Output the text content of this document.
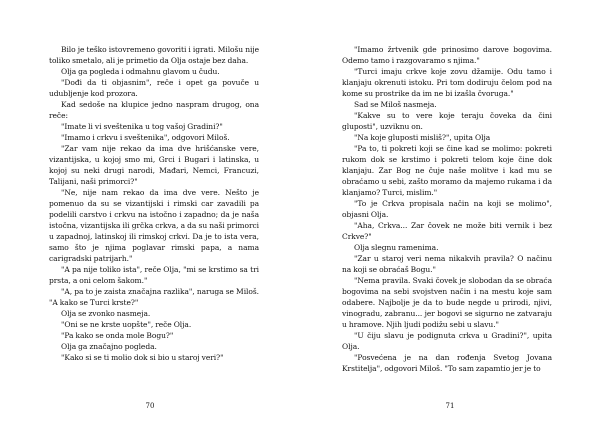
Bilo je teško istovremeno govoriti i igrati. Milošu nije toliko smetalo, ali je primetio da Olja ostaje bez daha.

Olja ga pogleda i odmahnu glavom u čudu.

"Dođi da ti objasnim", reče i opet ga povuče u udubljenje kod prozora.

Kad sedoše na klupice jedno naspram drugog, ona reče:

"Imate li vi sveštenika u tog vašoj Gradini?"

"Imamo i crkvu i sveštenika", odgovori Miloš.

"Zar vam nije rekao da ima dve hrišćanske vere, vizantijska, u kojoj smo mi, Grci i Bugari i latinska, u kojoj su neki drugi narodi, Mađari, Nemci, Francuzi, Talijani, naši primorci?"

"Ne, nije nam rekao da ima dve vere. Nešto je pomenuo da su se vizantijski i rimski car zavadili pa podelili carstvo i crkvu na istočno i zapadno; da je naša istočna, vizantijska ili grčka crkva, a da su naši primorci u zapadnoj, latinskoj ili rimskoj crkvi. Da je to ista vera, samo što je njima poglavar rimski papa, a nama carigradski patrijarh."

"A pa nije toliko ista", reče Olja, "mi se krstimo sa tri prsta, a oni celom šakom."

"A, pa to je zaista značajna razlika", naruga se Miloš. "A kako se Turci krste?"

Olja se zvonko nasmeja.

"Oni se ne krste uopšte", reče Olja.

"Pa kako se onda mole Bogu?"

Olja ga značajno pogleda.

"Kako si se ti molio dok si bio u staroj veri?"

70

"Imamo žrtvenik gde prinosimo darove bogovima. Odemo tamo i razgovaramo s njima."

"Turci imaju crkve koje zovu džamije. Odu tamo i klanjaju okrenuti istoku. Pri tom dodiruju čelom pod na kome su prostrike da im ne bi izašla čvoruga."

Sad se Miloš nasmeja.

"Kakve su to vere koje teraju čoveka da čini gluposti", uzviknu on.

"Na koje gluposti misliš?", upita Olja

"Pa to, ti pokreti koji se čine kad se molimo: pokreti rukom dok se krstimo i pokreti telom koje čine dok klanjaju. Zar Bog ne čuje naše molitve i kad mu se obraćamo u sebi, zašto moramo da majemo rukama i da klanjamo? Turci, mislim."

"To je Crkva propisala način na koji se molimo", objasni Olja.

"Aha, Crkva... Zar čovek ne može biti vernik i bez Crkve?"

Olja slegnu ramenima.

"Zar u staroj veri nema nikakvih pravila? O načinu na koji se obraćaš Bogu."

"Nema pravila. Svaki čovek je slobodan da se obraća bogovima na sebi svojstven način i na mestu koje sam odabere. Najbolje je da to bude negde u prirodi, njivi, vinogradu, zabranu... jer bogovi se sigurno ne zatvaraju u hramove. Njih ljudi podižu sebi u slavu."

"U čiju slavu je podignuta crkva u Gradini?", upita Olja.

"Posvećena je na dan rođenja Svetog Jovana Krstitelja", odgovori Miloš. "To sam zapamtio jer je to

71
